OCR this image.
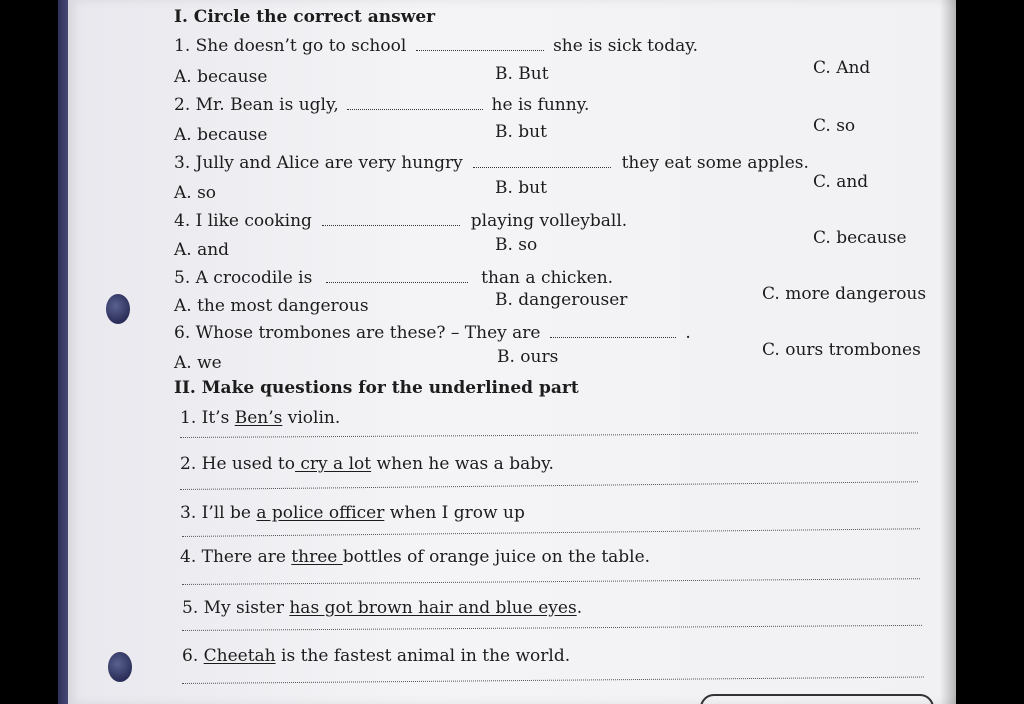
I. Circle the correct answer
1. She doesn’t go to school	she is sick today.
A. because	B. But	C. And
2. Mr. Bean is ugly,	he is funny.
A. because	B. but	C. so
3. Jully and Alice are very hungry	they eat some apples.
A. so	B. but	C. and
4. I like cooking	playing volleyball.
A. and	B. so	C. because
5. A crocodile is	than a chicken.
A. the most dangerous	B. dangerouser	C. more dangerous
6. Whose trombones are these? – They are	.
A. we	B. ours	C. ours trombones
II. Make questions for the underlined part
1. It’s Ben’s violin.
2. He used to cry a lot when he was a baby.
3. I’ll be a police officer when I grow up
4. There are three bottles of orange juice on the table.
5. My sister has got brown hair and blue eyes.
6. Cheetah is the fastest animal in the world.
